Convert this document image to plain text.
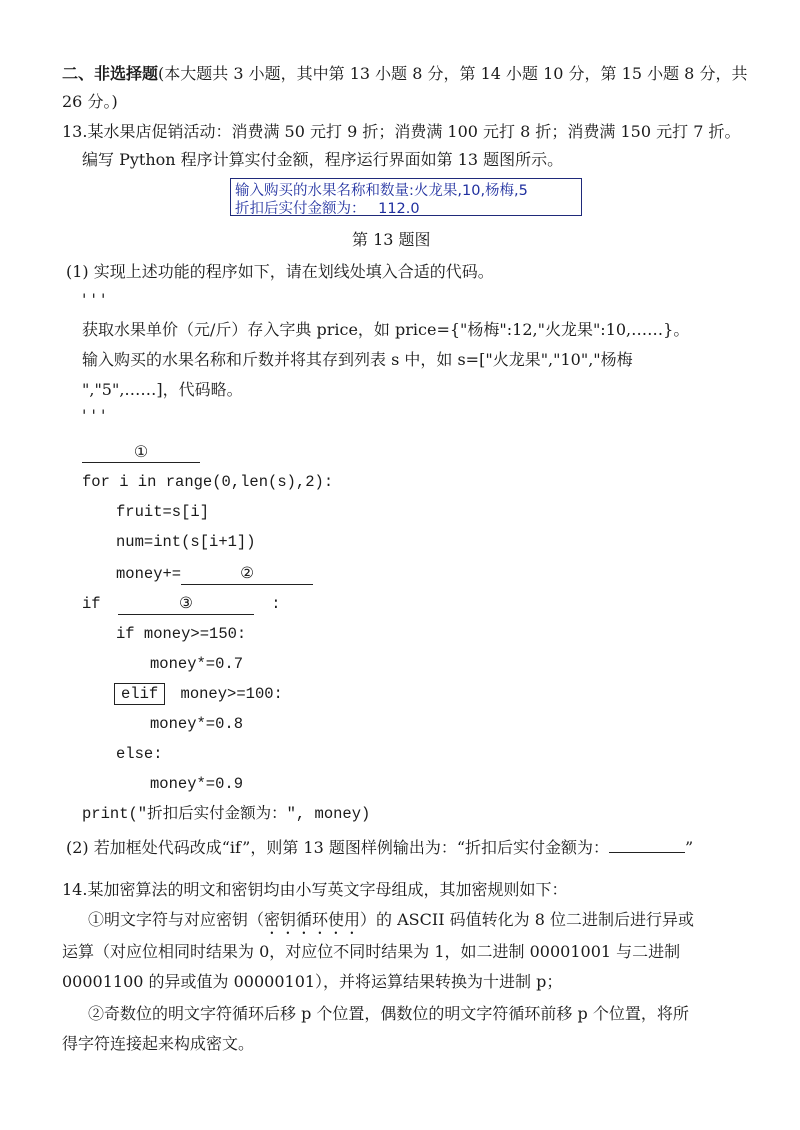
二、非选择题(本大题共 3 小题，其中第 13 小题 8 分，第 14 小题 10 分，第 15 小题 8 分，共
26 分。)
13.某水果店促销活动：消费满 50 元打 9 折；消费满 100 元打 8 折；消费满 150 元打 7 折。
编写 Python 程序计算实付金额，程序运行界面如第 13 题图所示。
输入购买的水果名称和数量:火龙果,10,杨梅,5
折扣后实付金额为： 112.0
第 13 题图
(1) 实现上述功能的程序如下，请在划线处填入合适的代码。
' ' '
获取水果单价（元/斤）存入字典 price，如 price={"杨梅":12,"火龙果":10,……}。
输入购买的水果名称和斤数并将其存到列表 s 中，如 s=["火龙果","10","杨梅
","5",……]，代码略。
' ' '
①
for i in range(0,len(s),2):
fruit=s[i]
num=int(s[i+1])
money+=	②
if	③	:
if money>=150:
money*=0.7
elif money>=100:
money*=0.8
else:
money*=0.9
print("折扣后实付金额为：", money)
(2) 若加框处代码改成“if”，则第 13 题图样例输出为：“折扣后实付金额为：	”
14.某加密算法的明文和密钥均由小写英文字母组成，其加密规则如下：
①明文字符与对应密钥（密钥循环使用）的 ASCII 码值转化为 8 位二进制后进行异或
运算（对应位相同时结果为 0，对应位不同时结果为 1，如二进制 00001001 与二进制
00001100 的异或值为 00000101），并将运算结果转换为十进制 p；
②奇数位的明文字符循环后移 p 个位置，偶数位的明文字符循环前移 p 个位置，将所
得字符连接起来构成密文。
